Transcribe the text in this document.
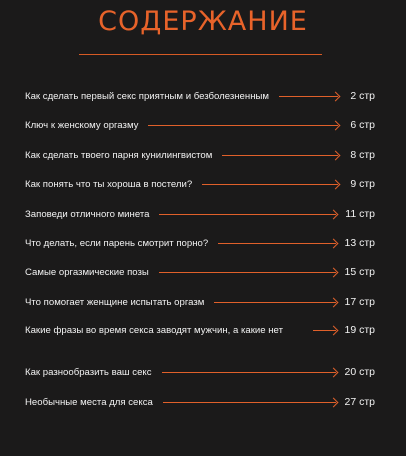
СОДЕРЖАНИЕ
Как сделать первый секс приятным и безболезненным	2 стр
Ключ к женскому оргазму	6 стр
Как сделать твоего парня кунилингвистом	8 стр
Как понять что ты хороша в постели?	9 стр
Заповеди отличного минета	11 стр
Что делать, если парень смотрит порно?	13 стр
Самые оргазмические позы	15 стр
Что помогает женщине испытать оргазм	17 стр
Какие фразы во время секса заводят мужчин, а какие нет	19 стр
Как разнообразить ваш секс	20 стр
Необычные места для секса	27 стр
